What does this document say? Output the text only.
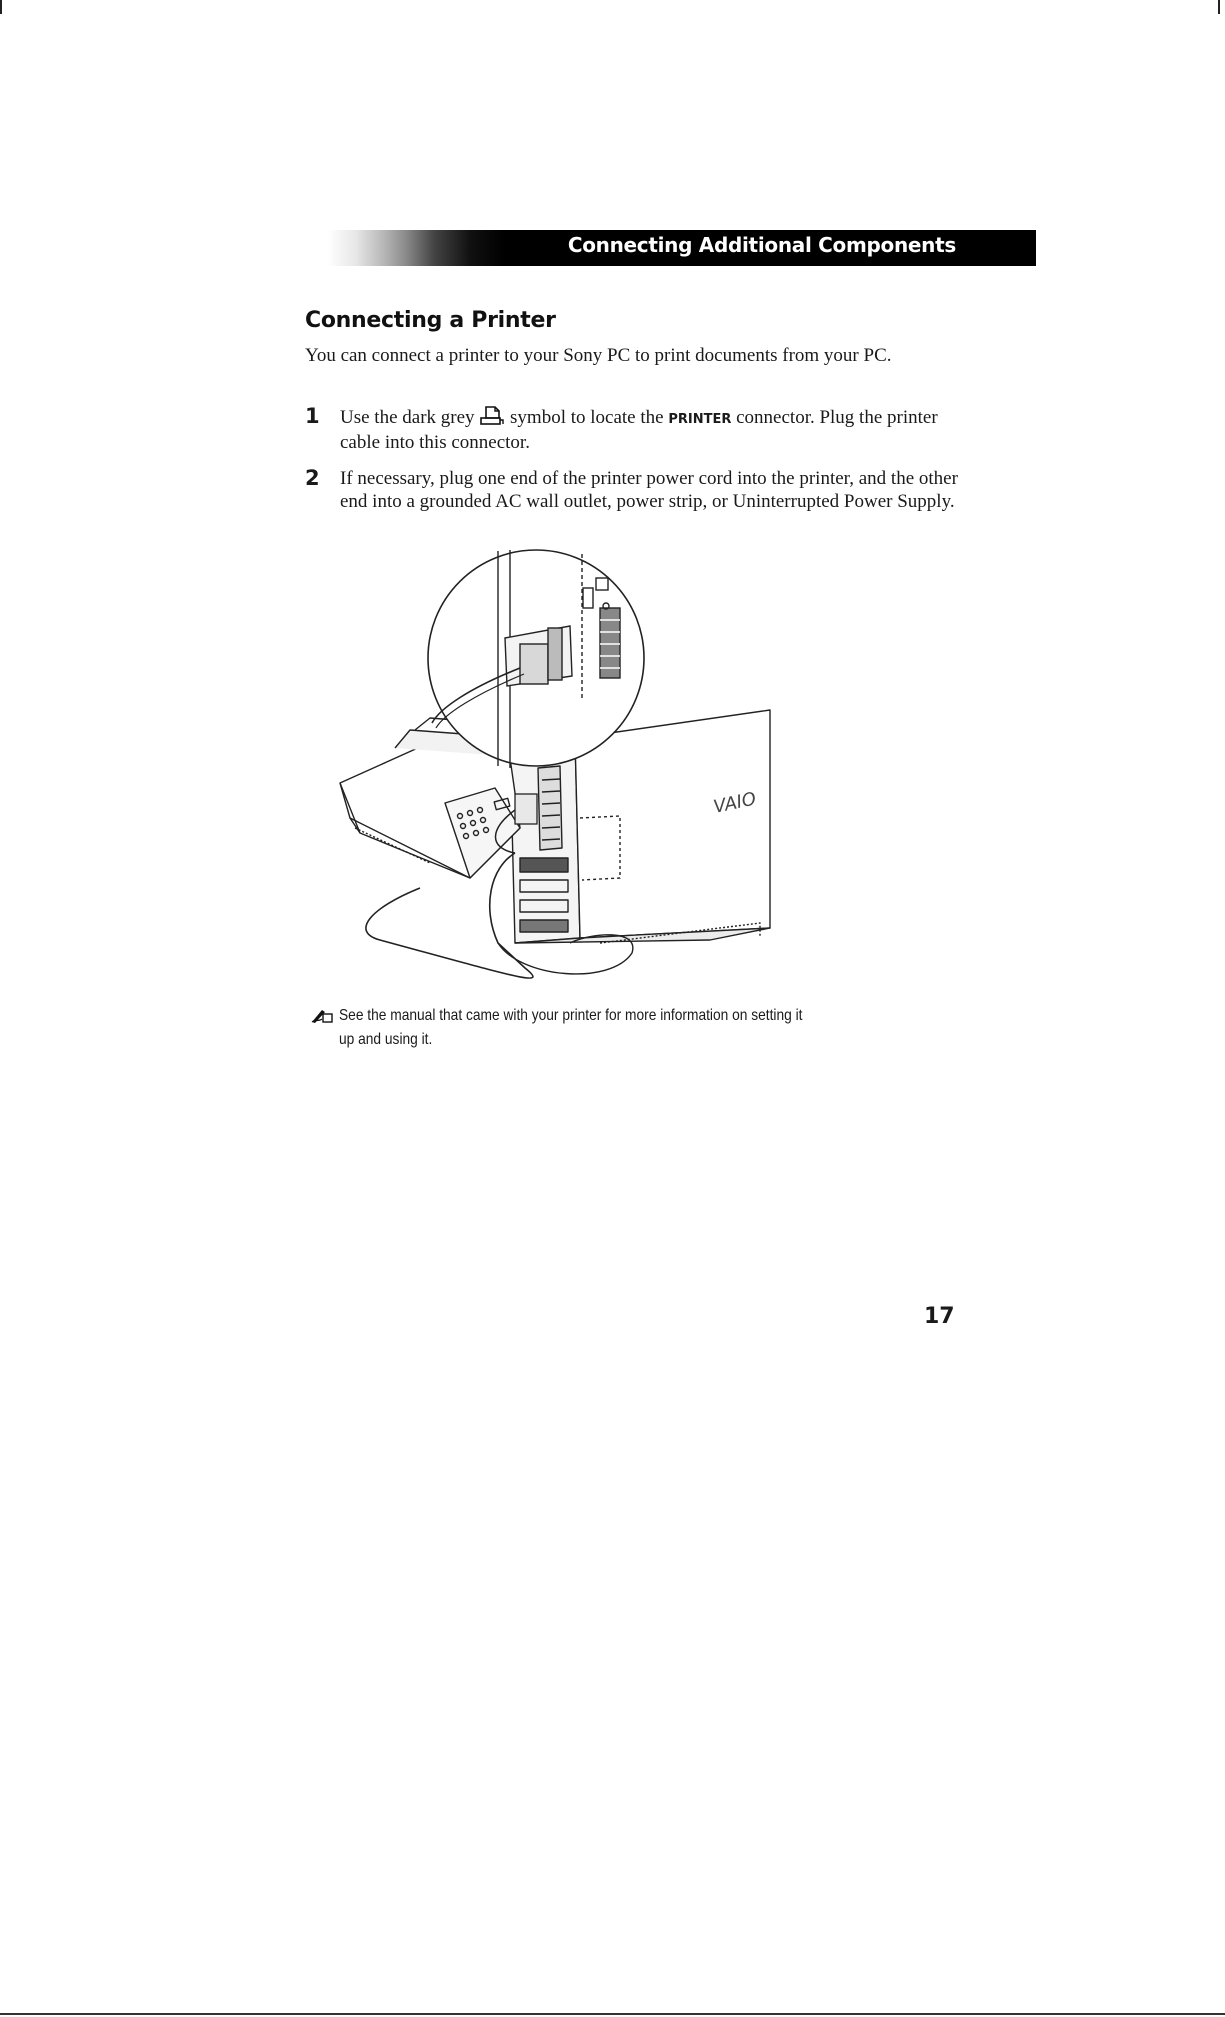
Connecting Additional Components
Connecting a Printer

You can connect a printer to your Sony PC to print documents from your PC.

1 Use the dark grey symbol to locate the PRINTER connector. Plug the printer cable into this connector.

2 If necessary, plug one end of the printer power cord into the printer, and the other end into a grounded AC wall outlet, power strip, or Uninterrupted Power Supply.

VAIO

See the manual that came with your printer for more information on setting it up and using it.

17
